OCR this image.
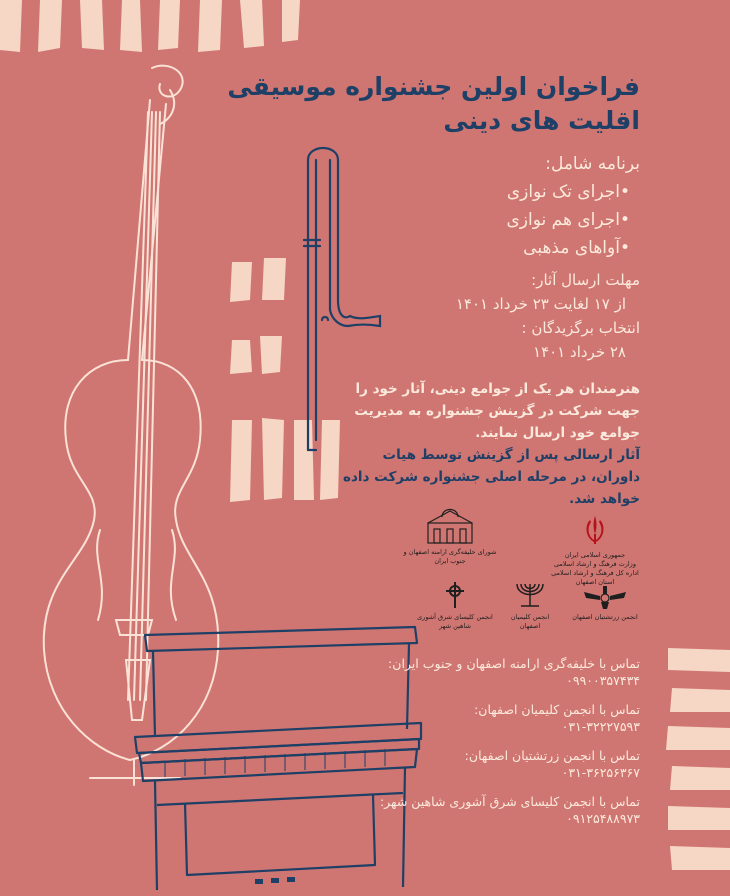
فراخوان اولین جشنواره موسیقی
اقلیت های دینی
برنامه شامل:
•اجرای تک نوازی
•اجرای هم نوازی
•آواهای مذهبی
مهلت ارسال آثار:
از ۱۷ لغایت ۲۳ خرداد ۱۴۰۱
انتخاب برگزیدگان :
۲۸ خرداد ۱۴۰۱
هنرمندان هر یک از جوامع دینی، آثار خود را جهت شرکت در گزینش جشنواره به مدیریت جوامع خود ارسال نمایند.
آثار ارسالی پس از گزینش توسط هیات داوران، در مرحله اصلی جشنواره شرکت داده خواهد شد.
شورای خلیفه‌گری ارامنه اصفهان و جنوب ایران

جمهوری اسلامی ایران
وزارت فرهنگ و ارشاد اسلامی
اداره کل فرهنگ و ارشاد اسلامی استان اصفهان

انجمن کلیسای شرق آشوری شاهین شهر
انجمن کلیمیان اصفهان
انجمن زرتشتیان اصفهان
تماس با خلیفه‌گری ارامنه اصفهان و جنوب ایران:
۰۹۹۰۰۳۵۷۴۳۴
تماس با انجمن کلیمیان اصفهان:
۰۳۱-۳۲۲۲۷۵۹۳
تماس با انجمن زرتشتیان اصفهان:
۰۳۱-۳۶۲۵۶۳۶۷
تماس با انجمن کلیسای شرق آشوری شاهین شهر:
۰۹۱۲۵۴۸۸۹۷۳
